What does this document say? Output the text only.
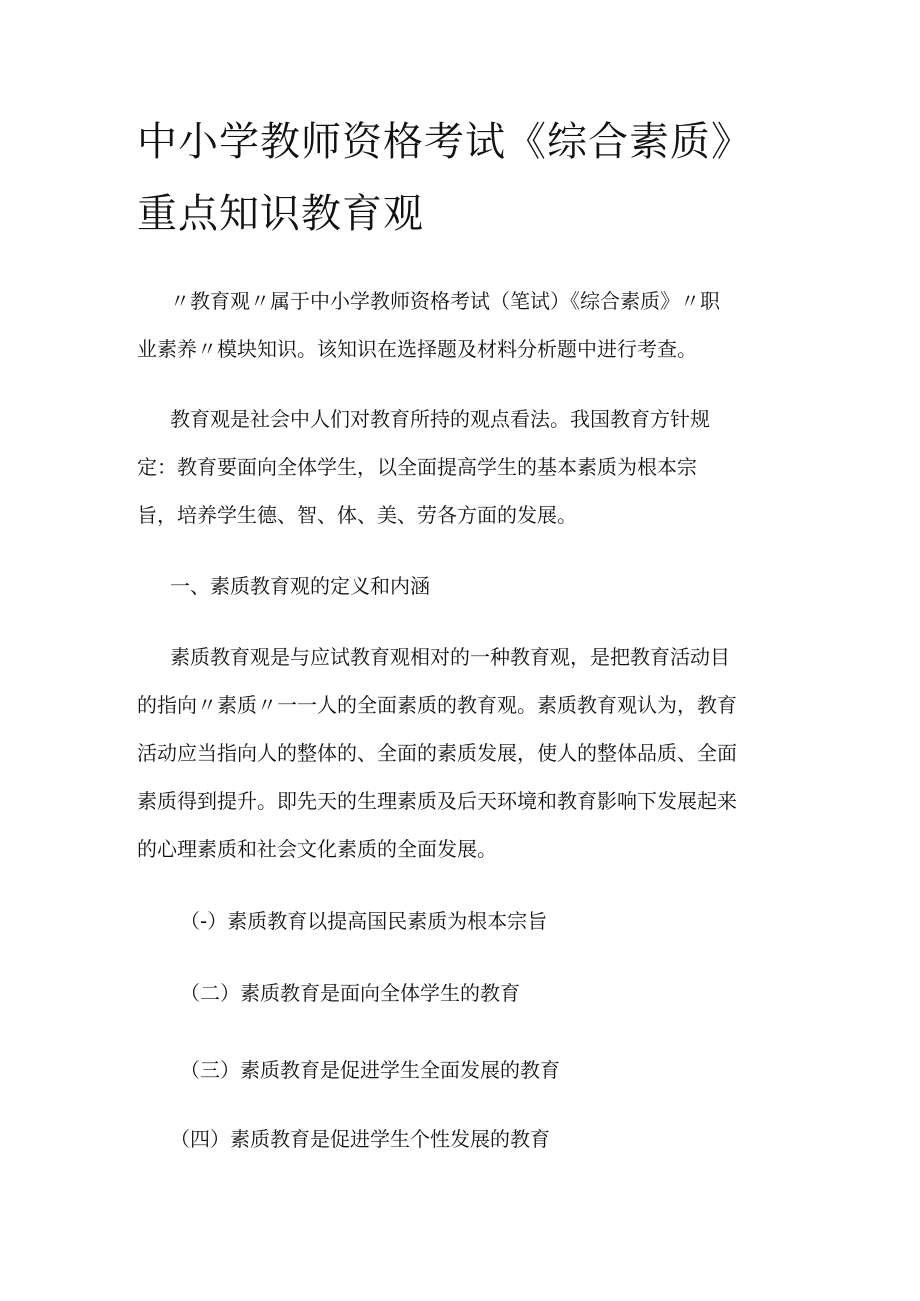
中小学教师资格考试《综合素质》
重点知识教育观

〃教育观〃属于中小学教师资格考试（笔试）《综合素质》〃职
业素养〃模块知识。该知识在选择题及材料分析题中进行考查。

教育观是社会中人们对教育所持的观点看法。我国教育方针规
定：教育要面向全体学生，以全面提高学生的基本素质为根本宗
旨，培养学生德、智、体、美、劳各方面的发展。

一、素质教育观的定义和内涵

素质教育观是与应试教育观相对的一种教育观，是把教育活动目
的指向〃素质〃一一人的全面素质的教育观。素质教育观认为，教育
活动应当指向人的整体的、全面的素质发展，使人的整体品质、全面
素质得到提升。即先天的生理素质及后天环境和教育影响下发展起来
的心理素质和社会文化素质的全面发展。

（-）素质教育以提高国民素质为根本宗旨

（二）素质教育是面向全体学生的教育

（三）素质教育是促进学生全面发展的教育

（四）素质教育是促进学生个性发展的教育
